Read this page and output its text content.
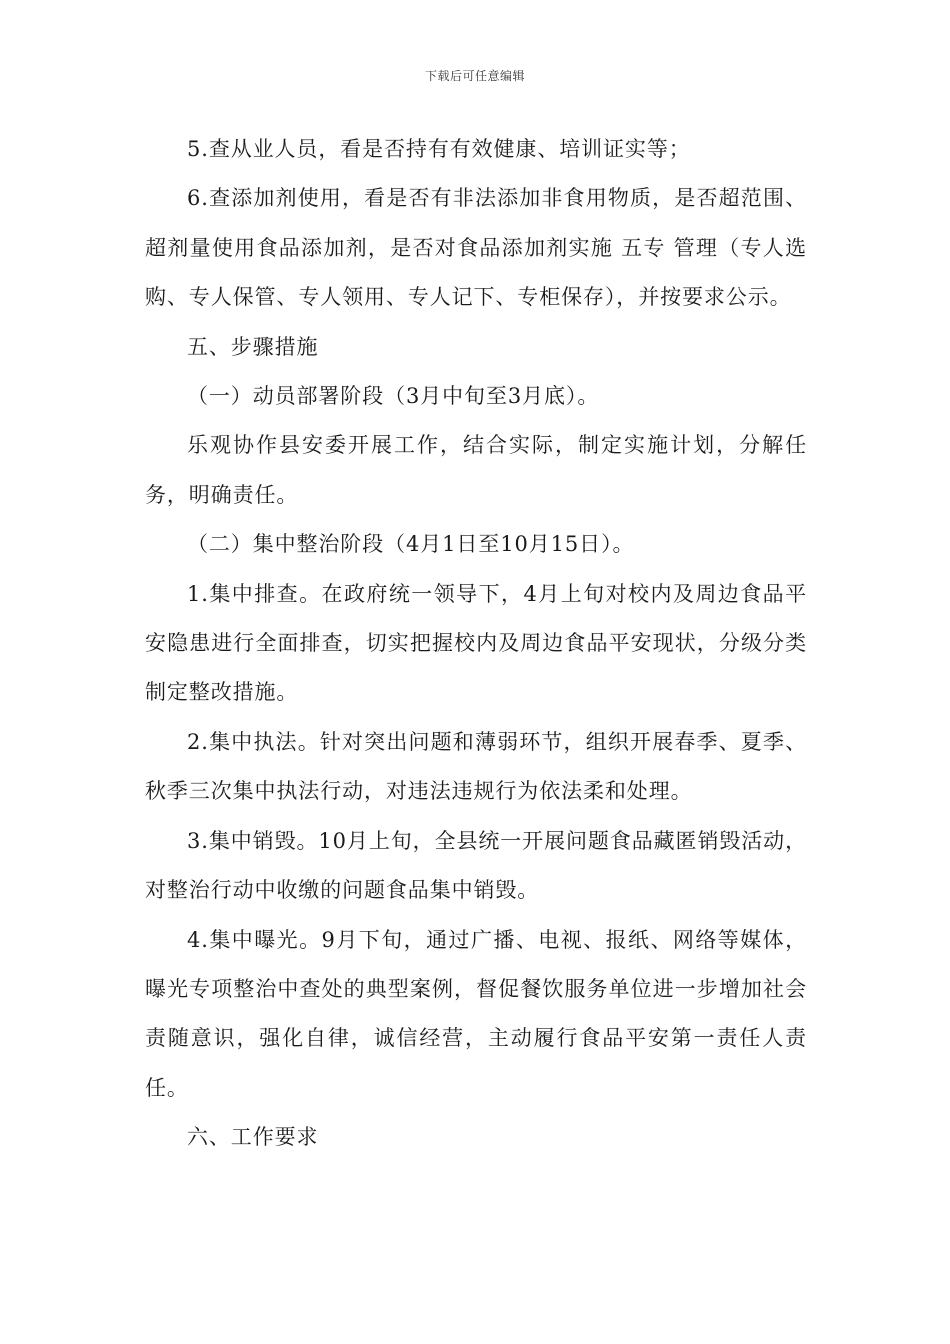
下载后可任意编辑

5.查从业人员，看是否持有有效健康、培训证实等；

6.查添加剂使用，看是否有非法添加非食用物质，是否超范围、超剂量使用食品添加剂，是否对食品添加剂实施 五专 管理（专人选购、专人保管、专人领用、专人记下、专柜保存），并按要求公示。

五、步骤措施

（一）动员部署阶段（3月中旬至3月底）。

乐观协作县安委开展工作，结合实际，制定实施计划，分解任务，明确责任。

（二）集中整治阶段（4月1日至10月15日）。

1.集中排查。在政府统一领导下，4月上旬对校内及周边食品平安隐患进行全面排查，切实把握校内及周边食品平安现状，分级分类制定整改措施。

2.集中执法。针对突出问题和薄弱环节，组织开展春季、夏季、秋季三次集中执法行动，对违法违规行为依法柔和处理。

3.集中销毁。10月上旬，全县统一开展问题食品藏匿销毁活动，对整治行动中收缴的问题食品集中销毁。

4.集中曝光。9月下旬，通过广播、电视、报纸、网络等媒体，曝光专项整治中查处的典型案例，督促餐饮服务单位进一步增加社会责随意识，强化自律，诚信经营，主动履行食品平安第一责任人责任。

六、工作要求
